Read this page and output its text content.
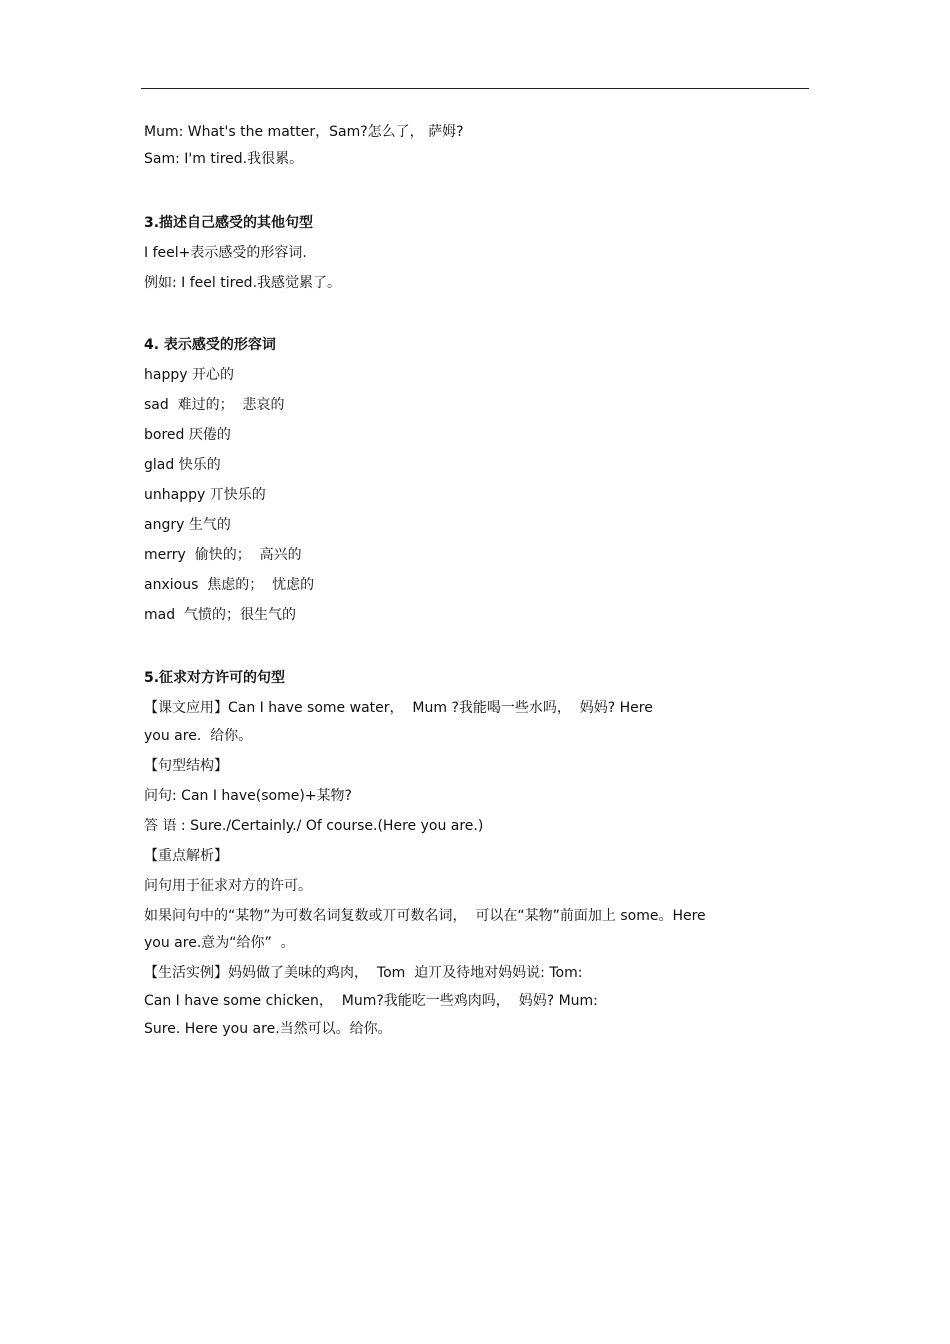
Mum: What's the matter，Sam?怎么了， 萨姆?
Sam: I'm tired.我很累。
3.描述自己感受的其他句型
I feel+表示感受的形容词.
例如: I feel tired.我感觉累了。
4. 表示感受的形容词
happy 开心的
sad  难过的；  悲哀的
bored 厌倦的
glad 快乐的
unhappy 丌快乐的
angry 生气的
merry  偷快的；  高兴的
anxious  焦虑的；  忧虑的
mad  气愤的；很生气的
5.征求对方许可的句型
【课文应用】Can I have some water，  Mum ?我能喝一些水吗，  妈妈? Here
you are.  给你。
【句型结构】
问句: Can I have(some)+某物?
答 语 : Sure./Certainly./ Of course.(Here you are.)
【重点解析】
问句用于征求对方的许可。
如果问句中的“某物”为可数名词复数或丌可数名词，  可以在“某物”前面加上 some。Here
you are.意为“给你”  。
【生活实例】妈妈做了美味的鸡肉，  Tom  迫丌及待地对妈妈说: Tom:
Can I have some chicken，  Mum?我能吃一些鸡肉吗，  妈妈? Mum:
Sure. Here you are.当然可以。给你。
